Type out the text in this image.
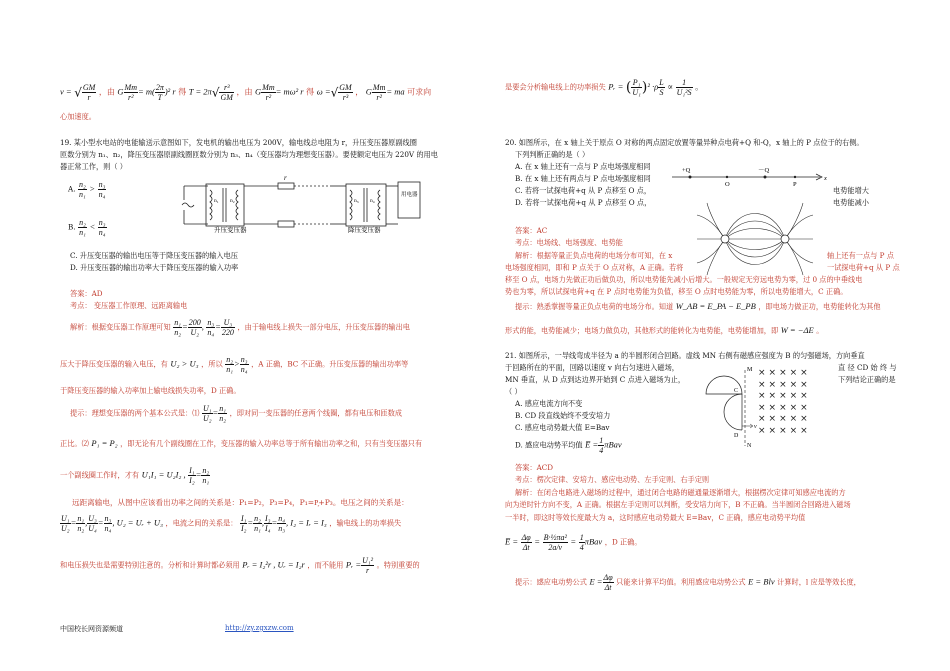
v = √ $\frac{GM}{r}$ ，由 G $\frac{Mm}{\text{r²}} = m( \frac{2\pi}{T} )^2$ r 得 $T = 2\pi√ \frac{\text{r³}}{GM}$ ，由 G $\frac{Mm}{\text{r²}} = m\omega^2$ r 得 ω =√ $\frac{GM}{\text{r³}}$ ， G $\frac{Mm}{\text{r²}}$ = ma 可求向
心加速度。
19. 某小型水电站的电能输送示意图如下，发电机的输出电压为 200V，输电线总电阻为 r，升压变压器原副线圈
匝数分别为 n₁、n₂，降压变压器原副线圈匝数分别为 n₃、n₄（变压器均为理想变压器）。要使额定电压为 220V 的用电
器正常工作，则（ ）
A. $\frac{\text{n₂}}{\text{n₁}} > \frac{\text{n₃}}{\text{n₄}}$
B. $\frac{\text{n₂}}{\text{n₁}} < \frac{\text{n₃}}{\text{n₄}}$	升压变压器	降压变压器
用电器
r
n₁ n₂	n₃ n₄
C. 升压变压器的输出电压等于降压变压器的输入电压
D. 升压变压器的输出功率大于降压变压器的输入功率
答案：AD
考点： 变压器工作原理、远距离输电
解析：根据变压器工作原理可知 $\frac{\text{n₁}}{\text{n₂}} = \frac{200}{\text{U₂}}$ , $\frac{\text{n₃}}{\text{n₄}} = \frac{\text{U₃}}{220}$ ，由于输电线上损失一部分电压，升压变压器的输出电
压大于降压变压器的输入电压，有 U₂ > U₃ ，所以 $\frac{\text{n₂}}{\text{n₁}} > \frac{\text{n₃}}{\text{n₄}}$ ，A 正确，BC 不正确。升压变压器的输出功率等
于降压变压器的输入功率加上输电线损失功率，D 正确。
提示：理想变压器的两个基本公式是：⑴ $\frac{\text{U₁}}{\text{U₂}} = \frac{\text{n₁}}{\text{n₂}}$ ，即对同一变压器的任意两个线圈，都有电压和匝数成
正比。⑵ P₁ = P₂ ，即无论有几个副线圈在工作，变压器的输入功率总等于所有输出功率之和，只有当变压器只有
一个副线圈工作时，才有 U₁I₁ = U₂I₂ , $\frac{\text{I₁}}{\text{I₂}} = \frac{\text{n₂}}{\text{n₁}}$
远距离输电，从图中应该看出功率之间的关系是：P₁=P₂，P₃=P₄，P₁=P᷊+P₃。电压之间的关系是：
$\frac{\text{U₁}}{\text{U₂}} = \frac{\text{n₁}}{\text{n₂}}$ , $\frac{\text{U₃}}{\text{U₄}} = \frac{\text{n₃}}{\text{n₄}}$ , U₂ = Uᵣ + U₃ ，电流之间的关系是： $\frac{\text{I₁}}{\text{I₂}} = \frac{\text{n₂}}{\text{n₁}}$ , $\frac{\text{I₃}}{\text{I₄}} = \frac{\text{n₄}}{\text{n₃}}$ , I₂ = Iᵣ = I₃ ，输电线上的功率损失
和电压损失也是需要特别注意的。分析和计算时都必须用 Pᵣ = I₂²r , Uᵣ = I₂r ，而不能用 Pᵣ = $\frac{\text{U₁²}}{r}$ 。特别重要的
中国校长网资源频道	http://zy.zgxzw.com
是要会分析输电线上的功率损失 Pᵣ = ( $\frac{\text{P₁}}{\text{U₁}} )^2 \cdot\rho \frac{L}{S} \propto \frac{1}{\text{U₁²S}}$ 。
20. 如图所示，在 x 轴上关于原点 O 对称的两点固定放置等量异种点电荷+Q 和-Q，x 轴上的 P 点位于的右侧。
下列判断正确的是（ ）
A. 在 x 轴上还有一点与 P 点电场强度相同
B. 在 x 轴上还有两点与 P 点电场强度相同
C. 若将一试探电荷+q 从 P 点移至 O 点，
D. 若将一试探电荷+q 从 P 点移至 O 点，
电势能增大
电势能减小
+Q	－Q
O	P
x
答案：AC
考点：电场线、电场强度、电势能
解析：根据等量正负点电荷的电场分布可知，在 x	轴上还有一点与 P 点
电场强度相同，即和 P 点关于 O 点对称，A 正确。若将	一试探电荷+q 从 P 点
移至 O 点，电场力先做正功后做负功，所以电势能先减小后增大。一般规定无穷远电势为零，过 0 点的中垂线电
势也为零，所以试探电荷+q 在 P 点时电势能为负值，移至 O 点时电势能为零，所以电势能增大，C 正确。
提示：熟悉掌握等量正负点电荷的电场分布。知道 W_AB = E_PA − E_PB ，即电场力做正功，电势能转化为其他
形式的能，电势能减少；电场力做负功，其他形式的能转化为电势能，电势能增加，即 W = −ΔE 。
21. 如图所示，一导线弯成半径为 a 的半圆形闭合回路。虚线 MN 右侧有磁感应强度为 B 的匀强磁场，方向垂直
于回路所在的平面，回路以速度 v 向右匀速进入磁场，	直 径 CD 始 终 与
MN 垂直，从 D 点到达边界开始到 C 点进入磁场为止，	下列结论正确的是
（ ）
A. 感应电流方向不变
B. CD 段直线始终不受安培力
C. 感应电动势最大值 E=Bav
D. 感应电动势平均值 E̅ = $\frac{1}{4}$ πBav
M
N
C
D
v
×××××
×××××
×××××
×××××
×××××
×××××
答案：ACD
考点：楞次定律、安培力、感应电动势、左手定则、右手定则
解析：在闭合电路进入磁场的过程中，通过闭合电路的磁通量逐渐增大，根据楞次定律可知感应电流的方
向为逆时针方向不变，A 正确。根据左手定则可以判断，受安培力向下，B 不正确。当半圆闭合回路进入磁场
一半时，即这时等效长度最大为 a，这时感应电动势最大 E=Bav，C 正确，感应电动势平均值
E̅ = $\frac{\Delta\varphi}{\Delta t} = \frac{\text{B·½πa²}}{2a/v} = \frac{1}{4}$ πBav ，D 正确。
提示：感应电动势公式 $E = \frac{\Delta\varphi}{\Delta t}$ 只能来计算平均值。利用感应电动势公式 E = Blv 计算时，l 应是等效长度，
